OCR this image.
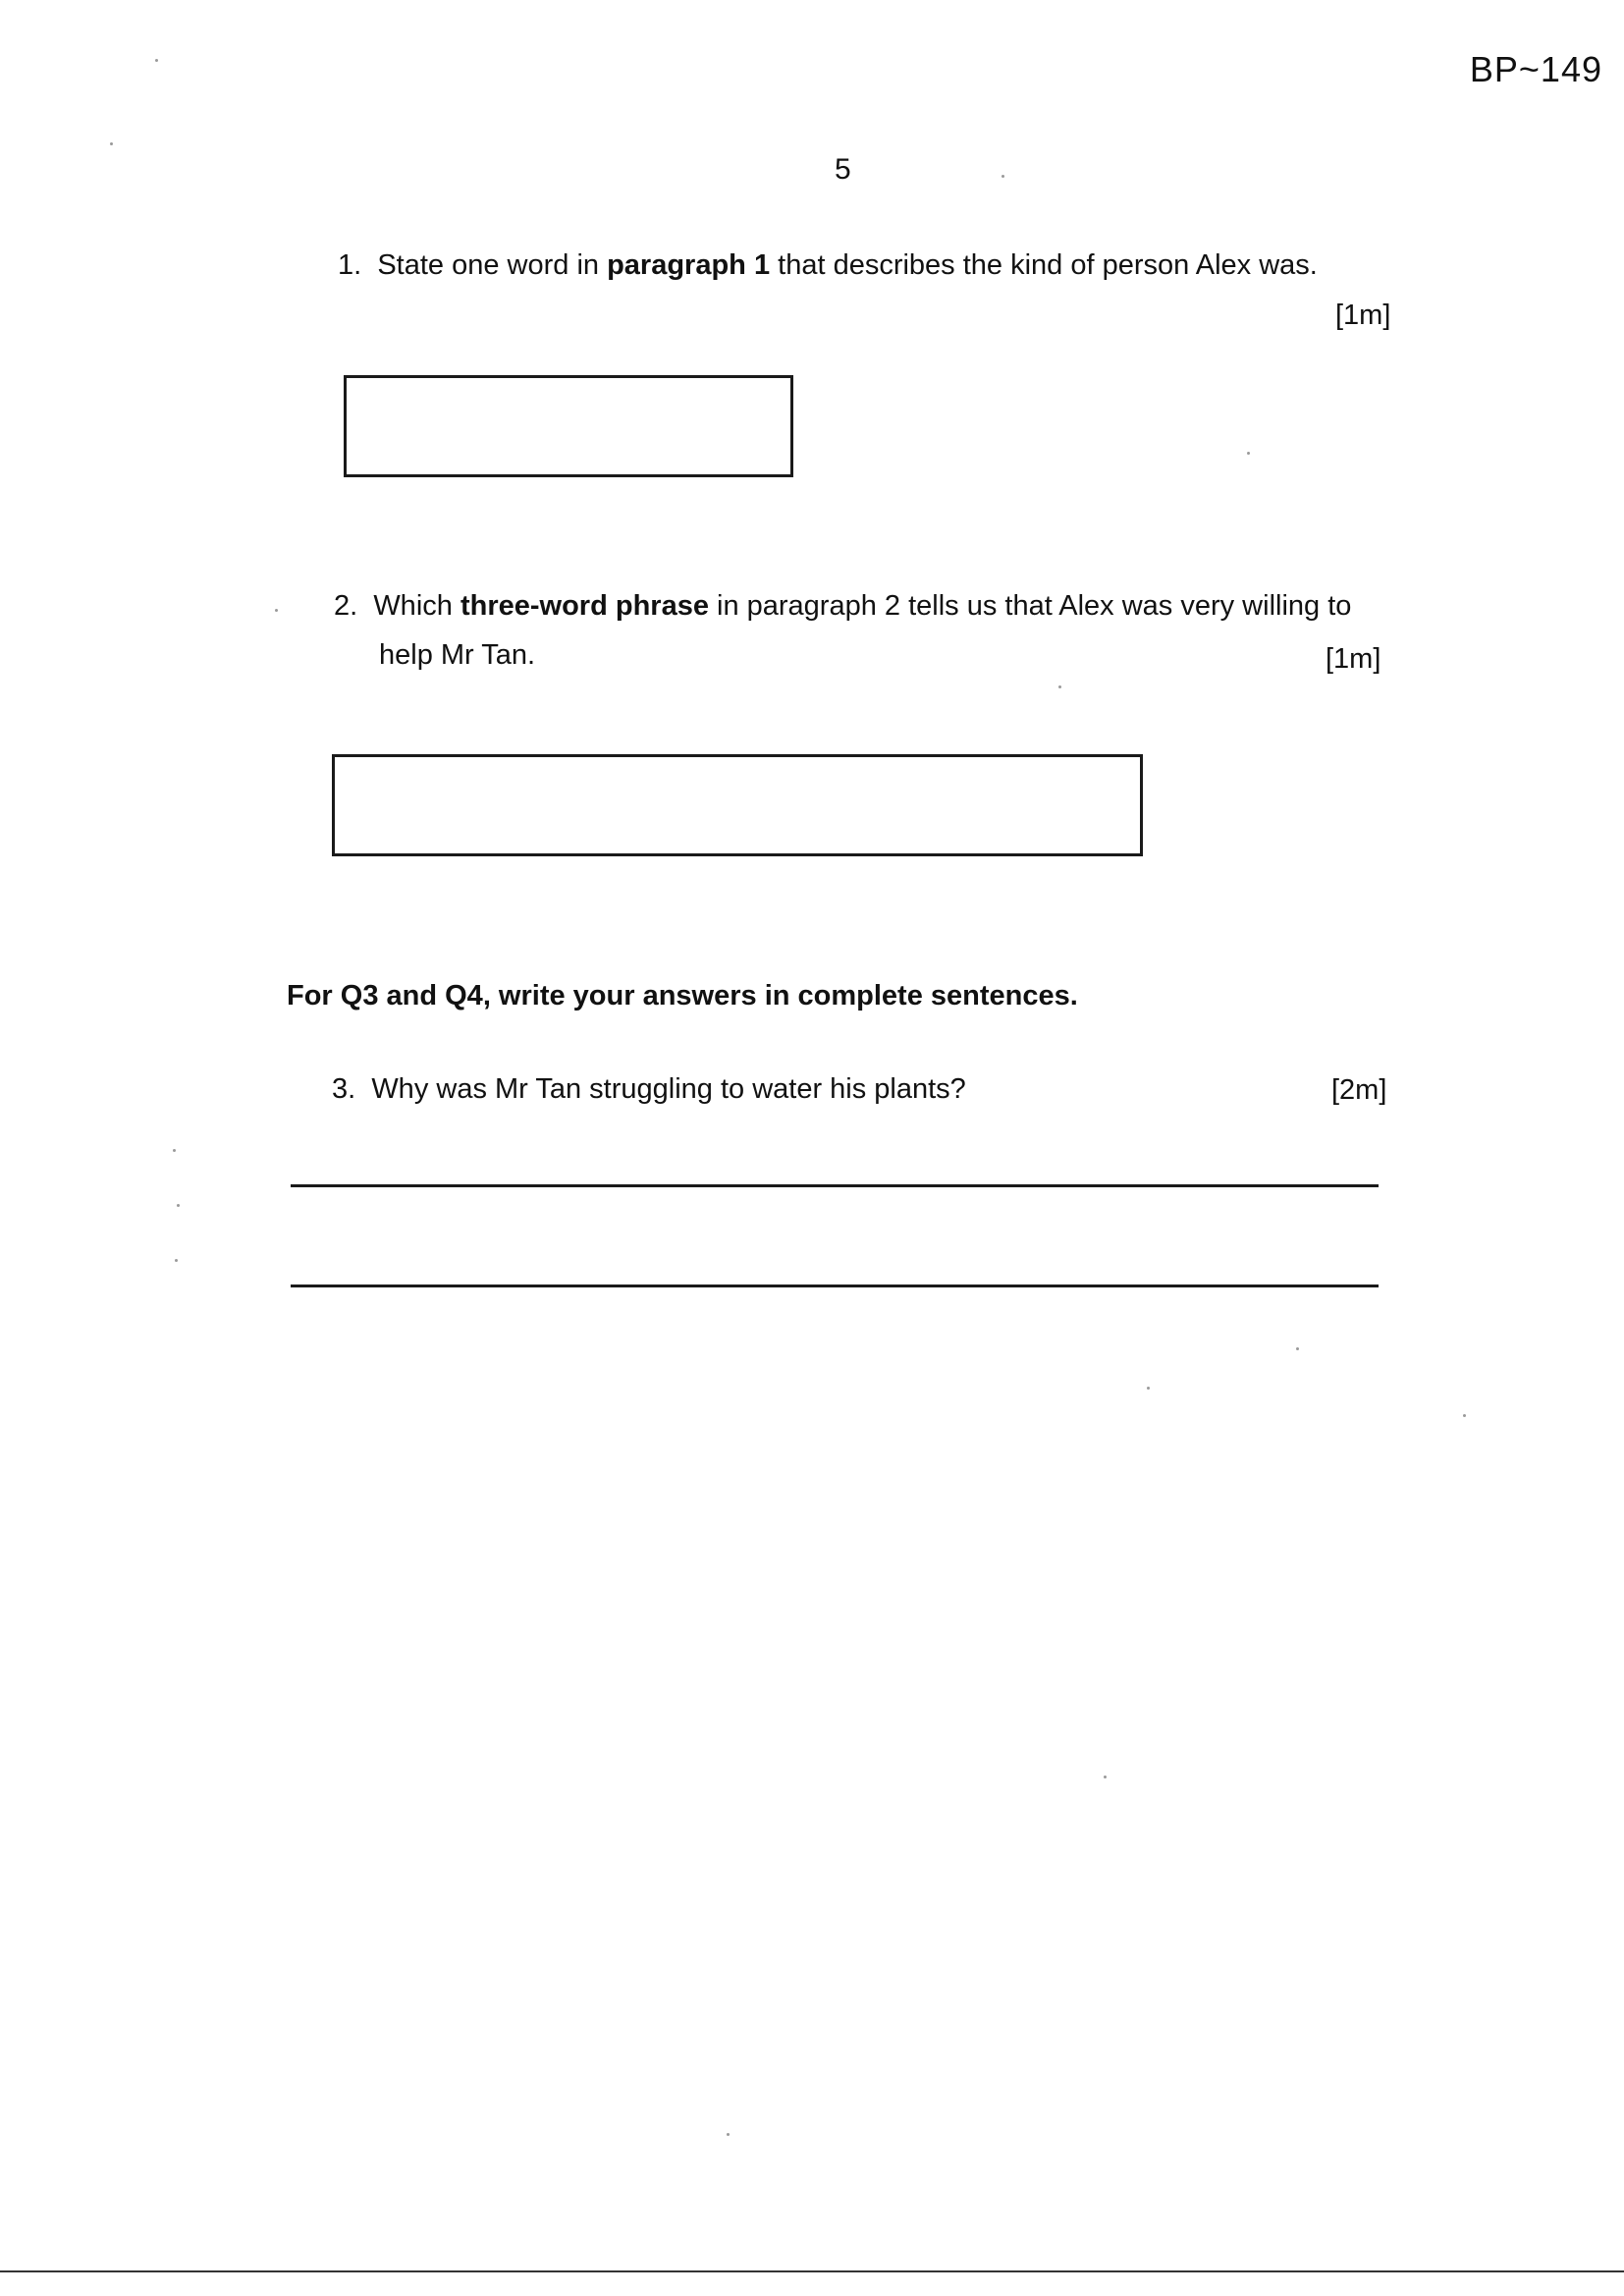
BP~149
5
1. State one word in paragraph 1 that describes the kind of person Alex was.
[1m]
2. Which three-word phrase in paragraph 2 tells us that Alex was very willing to
help Mr Tan.	[1m]
For Q3 and Q4, write your answers in complete sentences.
3. Why was Mr Tan struggling to water his plants?	[2m]
